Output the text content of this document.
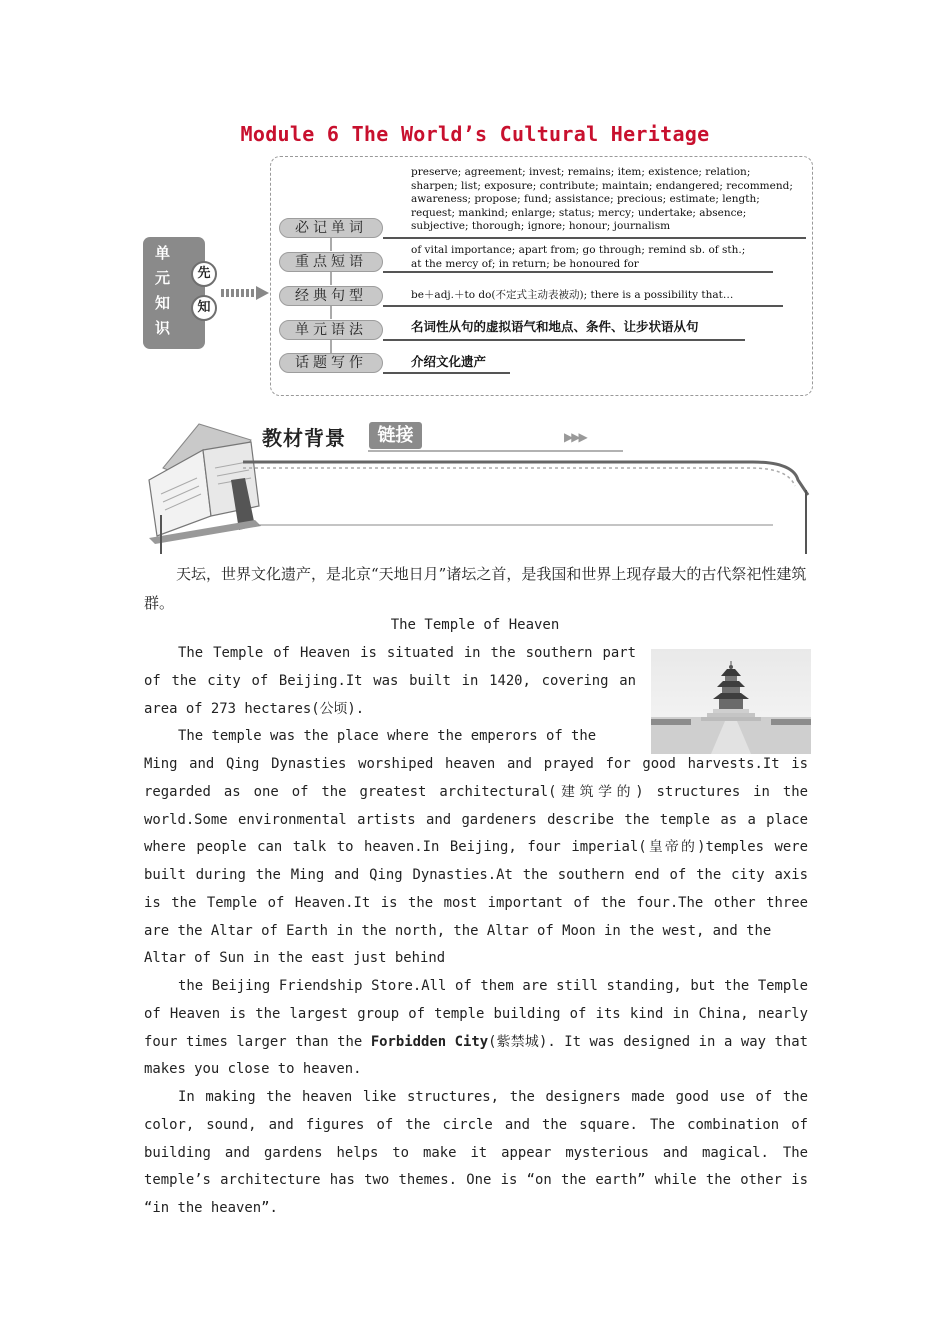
Module 6 The World’s Cultural Heritage
单
元
知
识
先
知
必记单词
重点短语
经典句型
单元语法
话题写作
preserve; agreement; invest; remains; item; existence; relation;
sharpen; list; exposure; contribute; maintain; endangered; recommend;
awareness; propose; fund; assistance; precious; estimate; length;
request; mankind; enlarge; status; mercy; undertake; absence;
subjective; thorough; ignore; honour; journalism
of vital importance; apart from; go through; remind sb. of sth.;
at the mercy of; in return; be honoured for
be＋adj.＋to do(不定式主动表被动); there is a possibility that…
名词性从句的虚拟语气和地点、条件、让步状语从句
介绍文化遗产
教材背景	链接	▶▶▶
天坛，世界文化遗产，是北京“天地日月”诸坛之首，是我国和世界上现存最大的古代祭祀性建筑群。
The Temple of Heaven
The Temple of Heaven is situated in the southern part of the city of Beijing.It was built in 1420, covering an area of 273 hectares(公顷).
The temple was the place where the emperors of the
Ming and Qing Dynasties worshiped heaven and prayed for good harvests.It is regarded as one of the greatest architectural(建筑学的) structures in the world.Some environmental artists and gardeners describe the temple as a place where people can talk to heaven.In Beijing, four imperial(皇帝的)temples were built during the Ming and Qing Dynasties.At the southern end of the city axis is the Temple of Heaven.It is the most important of the four.The other three are the Altar of Earth in the north, the Altar of Moon in the west, and the
Altar of Sun in the east just behind
the Beijing Friendship Store.All of them are still standing, but the Temple of Heaven is the largest group of temple building of its kind in China, nearly four times larger than the Forbidden City(紫禁城). It was designed in a way that makes you close to heaven.
In making the heaven like structures, the designers made good use of the color, sound, and figures of the circle and the square. The combination of building and gardens helps to make it appear mysterious and magical. The temple’s architecture has two themes. One is “on the earth” while the other is “in the heaven”.
